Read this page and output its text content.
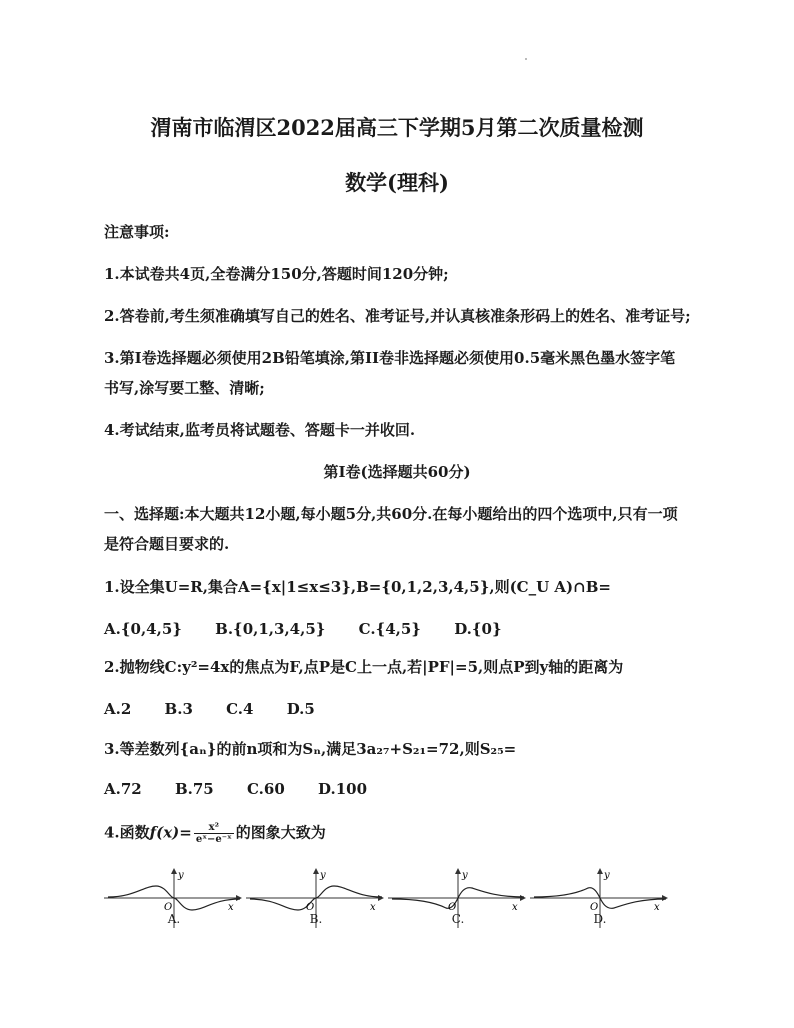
渭南市临渭区2022届高三下学期5月第二次质量检测
数学(理科)
注意事项:
1.本试卷共4页,全卷满分150分,答题时间120分钟;
2.答卷前,考生须准确填写自己的姓名、准考证号,并认真核准条形码上的姓名、准考证号;
3.第I卷选择题必须使用2B铅笔填涂,第II卷非选择题必须使用0.5毫米黑色墨水签字笔
书写,涂写要工整、清晰;
4.考试结束,监考员将试题卷、答题卡一并收回.
第I卷(选择题共60分)
一、选择题:本大题共12小题,每小题5分,共60分.在每小题给出的四个选项中,只有一项
是符合题目要求的.
1.设全集U=R,集合A={x|1≤x≤3},B={0,1,2,3,4,5},则(C_U A)∩B=
A.{0,4,5} B.{0,1,3,4,5} C.{4,5} D.{0}
2.抛物线C:y²=4x的焦点为F,点P是C上一点,若|PF|=5,则点P到y轴的距离为
A.2 B.3 C.4 D.5
3.等差数列{aₙ}的前n项和为Sₙ,满足3a₂₇+S₂₁=72,则S₂₅=
A.72 B.75 C.60 D.100
4.函数$f(x)= \frac{\text{x²}}{\text{eˣ−e⁻ˣ}}$ 的图象大致为
y
x
O
A.
y
x
O
B.
y
x
O
C.
y
x
O
D.
